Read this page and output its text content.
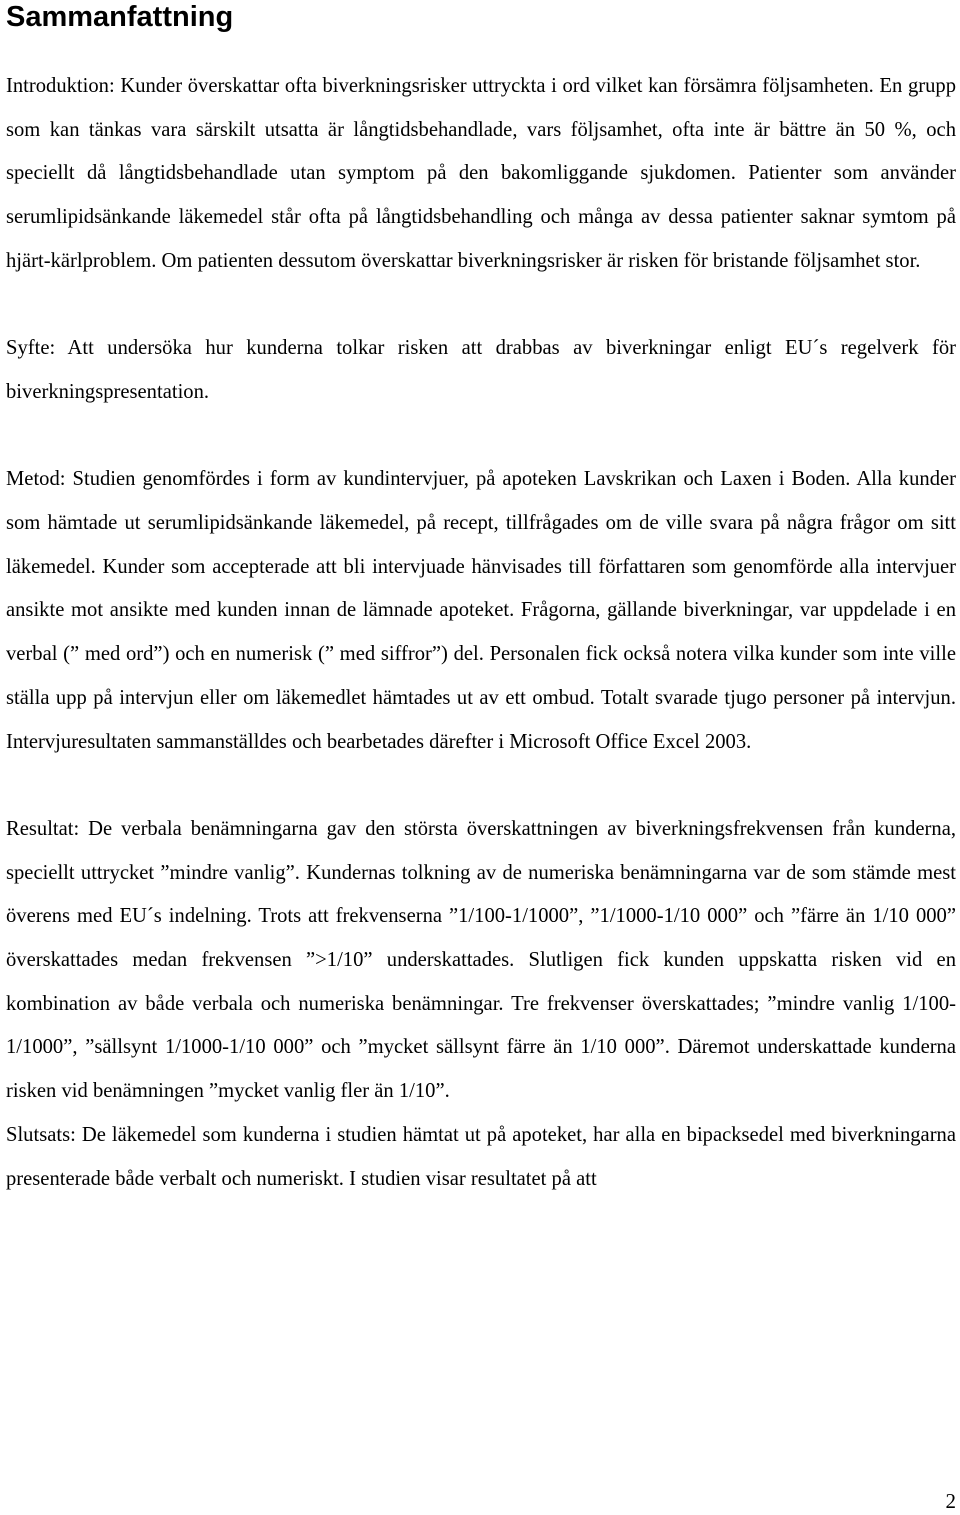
Sammanfattning

Introduktion: Kunder överskattar ofta biverkningsrisker uttryckta i ord vilket kan försämra följsamheten. En grupp som kan tänkas vara särskilt utsatta är långtidsbehandlade, vars följsamhet, ofta inte är bättre än 50 %, och speciellt då långtidsbehandlade utan symptom på den bakomliggande sjukdomen. Patienter som använder serumlipidsänkande läkemedel står ofta på långtidsbehandling och många av dessa patienter saknar symtom på hjärt-kärlproblem. Om patienten dessutom överskattar biverkningsrisker är risken för bristande följsamhet stor.

Syfte: Att undersöka hur kunderna tolkar risken att drabbas av biverkningar enligt EU´s regelverk för biverkningspresentation.

Metod: Studien genomfördes i form av kundintervjuer, på apoteken Lavskrikan och Laxen i Boden. Alla kunder som hämtade ut serumlipidsänkande läkemedel, på recept, tillfrågades om de ville svara på några frågor om sitt läkemedel. Kunder som accepterade att bli intervjuade hänvisades till författaren som genomförde alla intervjuer ansikte mot ansikte med kunden innan de lämnade apoteket. Frågorna, gällande biverkningar, var uppdelade i en verbal (” med ord”) och en numerisk (” med siffror”) del. Personalen fick också notera vilka kunder som inte ville ställa upp på intervjun eller om läkemedlet hämtades ut av ett ombud. Totalt svarade tjugo personer på intervjun. Intervjuresultaten sammanställdes och bearbetades därefter i Microsoft Office Excel 2003.

Resultat: De verbala benämningarna gav den största överskattningen av biverkningsfrekvensen från kunderna, speciellt uttrycket ”mindre vanlig”. Kundernas tolkning av de numeriska benämningarna var de som stämde mest överens med EU´s indelning. Trots att frekvenserna ”1/100-1/1000”, ”1/1000-1/10 000” och ”färre än 1/10 000” överskattades medan frekvensen ”>1/10” underskattades. Slutligen fick kunden uppskatta risken vid en kombination av både verbala och numeriska benämningar. Tre frekvenser överskattades; ”mindre vanlig 1/100-1/1000”, ”sällsynt 1/1000-1/10 000” och ”mycket sällsynt färre än 1/10 000”. Däremot underskattade kunderna risken vid benämningen ”mycket vanlig fler än 1/10”.

Slutsats: De läkemedel som kunderna i studien hämtat ut på apoteket, har alla en bipacksedel med biverkningarna presenterade både verbalt och numeriskt. I studien visar resultatet på att

2
